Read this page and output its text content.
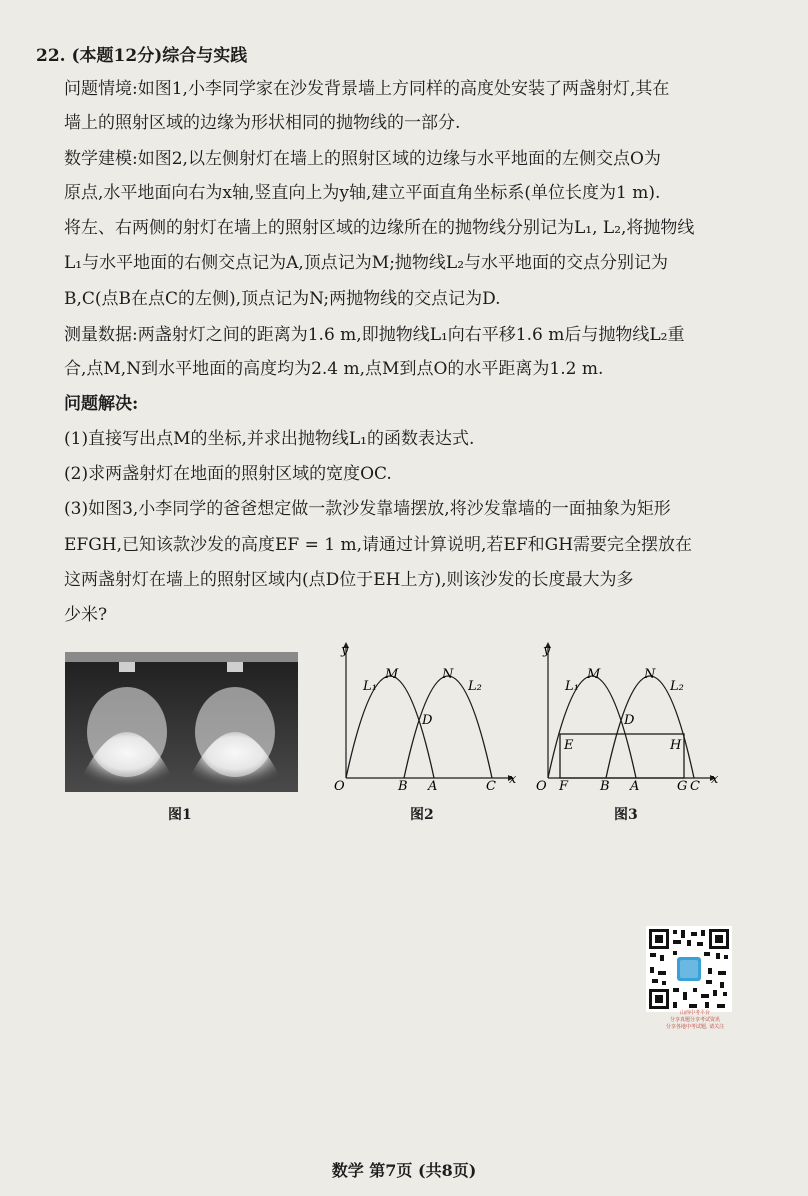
22. (本题12分)综合与实践
问题情境:如图1,小李同学家在沙发背景墙上方同样的高度处安装了两盏射灯,其在
墙上的照射区域的边缘为形状相同的抛物线的一部分.
数学建模:如图2,以左侧射灯在墙上的照射区域的边缘与水平地面的左侧交点O为
原点,水平地面向右为x轴,竖直向上为y轴,建立平面直角坐标系(单位长度为1 m).
将左、右两侧的射灯在墙上的照射区域的边缘所在的抛物线分别记为L₁, L₂,将抛物线
L₁与水平地面的右侧交点记为A,顶点记为M;抛物线L₂与水平地面的交点分别记为
B,C(点B在点C的左侧),顶点记为N;两抛物线的交点记为D.
测量数据:两盏射灯之间的距离为1.6 m,即抛物线L₁向右平移1.6 m后与抛物线L₂重
合,点M,N到水平地面的高度均为2.4 m,点M到点O的水平距离为1.2 m.
问题解决:
(1)直接写出点M的坐标,并求出抛物线L₁的函数表达式.
(2)求两盏射灯在地面的照射区域的宽度OC.
(3)如图3,小李同学的爸爸想定做一款沙发靠墙摆放,将沙发靠墙的一面抽象为矩形
EFGH,已知该款沙发的高度EF = 1 m,请通过计算说明,若EF和GH需要完全摆放在
这两盏射灯在墙上的照射区域内(点D位于EH上方),则该沙发的长度最大为多
少米?
图1
y
x
O
L₁
M	N
L₂
D
B A	C
图2
y
x
O
L₁
M	N
L₂
D
E	H
F B A	G C
图3
山西中考平台
分享真题分享考试资讯
分享各地中考试题, 请关注
数学 第7页 (共8页)
